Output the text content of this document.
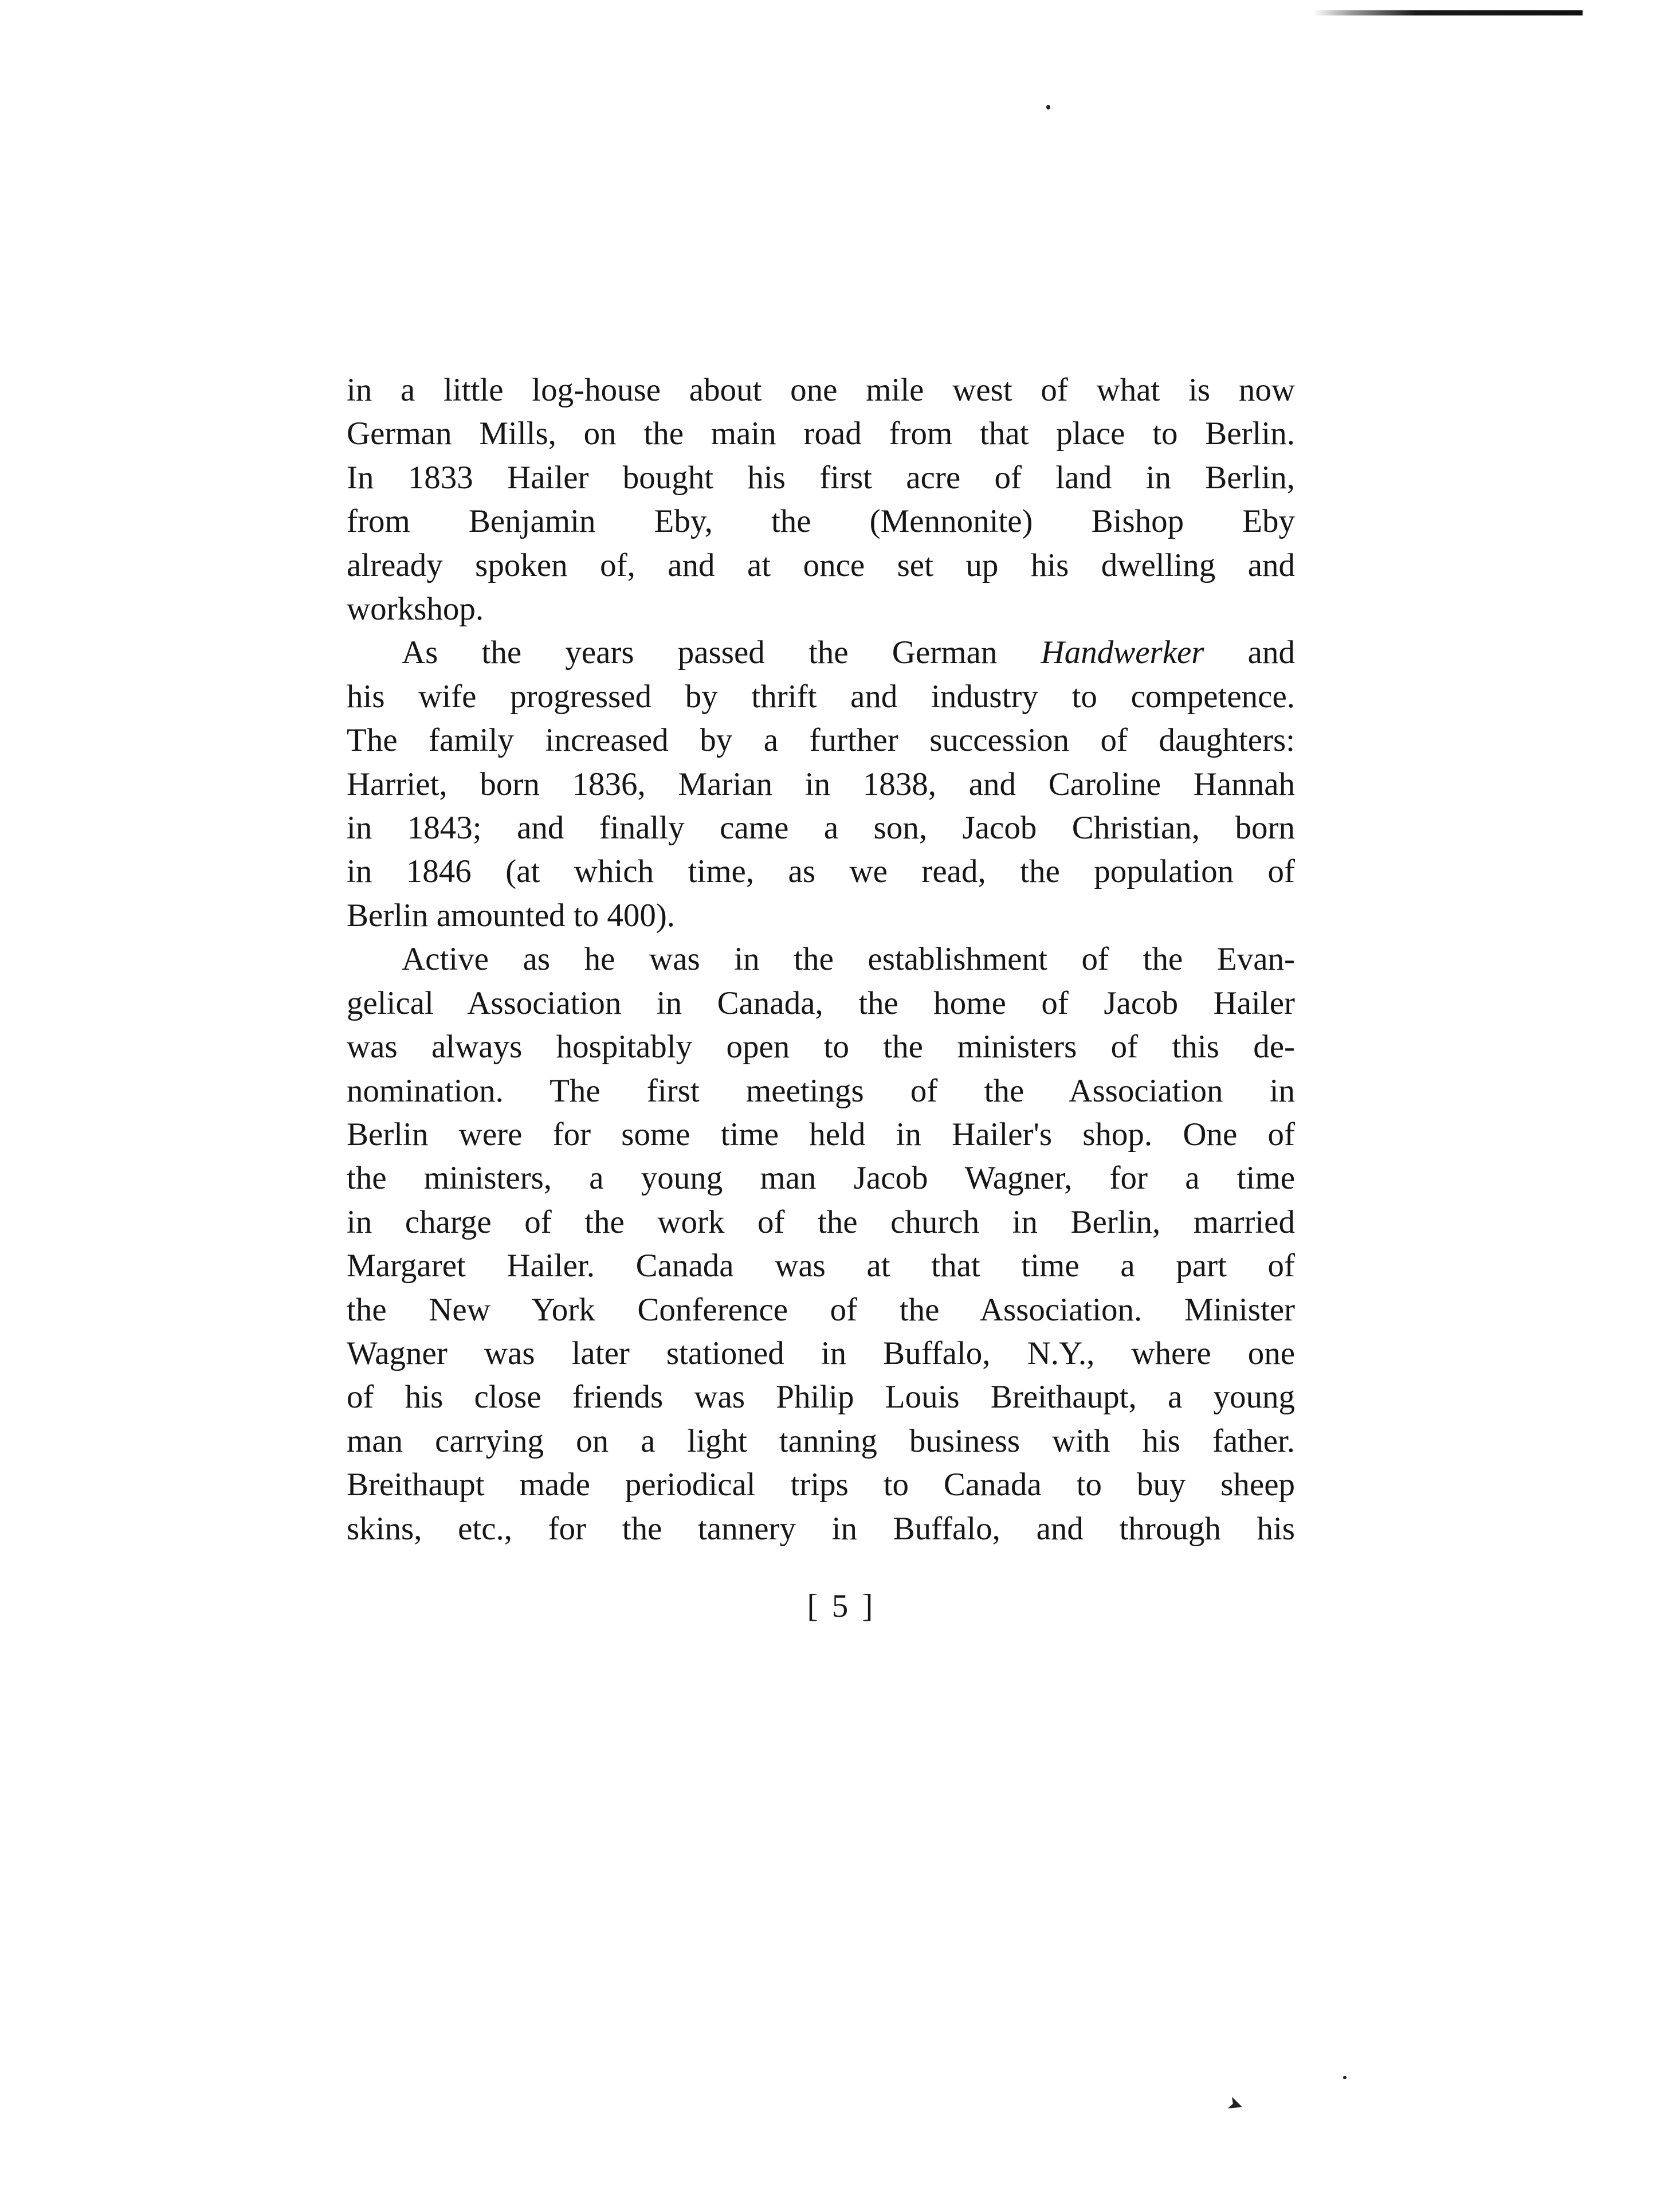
➤

in a little log-house about one mile west of what is now
German Mills, on the main road from that place to Berlin.
In 1833 Hailer bought his first acre of land in Berlin,
from Benjamin Eby, the (Mennonite) Bishop Eby
already spoken of, and at once set up his dwelling and
workshop.

As the years passed the German Handwerker and
his wife progressed by thrift and industry to competence.
The family increased by a further succession of daughters:
Harriet, born 1836, Marian in 1838, and Caroline Hannah
in 1843; and finally came a son, Jacob Christian, born
in 1846 (at which time, as we read, the population of
Berlin amounted to 400).

Active as he was in the establishment of the Evan-
gelical Association in Canada, the home of Jacob Hailer
was always hospitably open to the ministers of this de-
nomination. The first meetings of the Association in
Berlin were for some time held in Hailer's shop. One of
the ministers, a young man Jacob Wagner, for a time
in charge of the work of the church in Berlin, married
Margaret Hailer. Canada was at that time a part of
the New York Conference of the Association. Minister
Wagner was later stationed in Buffalo, N.Y., where one
of his close friends was Philip Louis Breithaupt, a young
man carrying on a light tanning business with his father.
Breithaupt made periodical trips to Canada to buy sheep
skins, etc., for the tannery in Buffalo, and through his

[ 5 ]
